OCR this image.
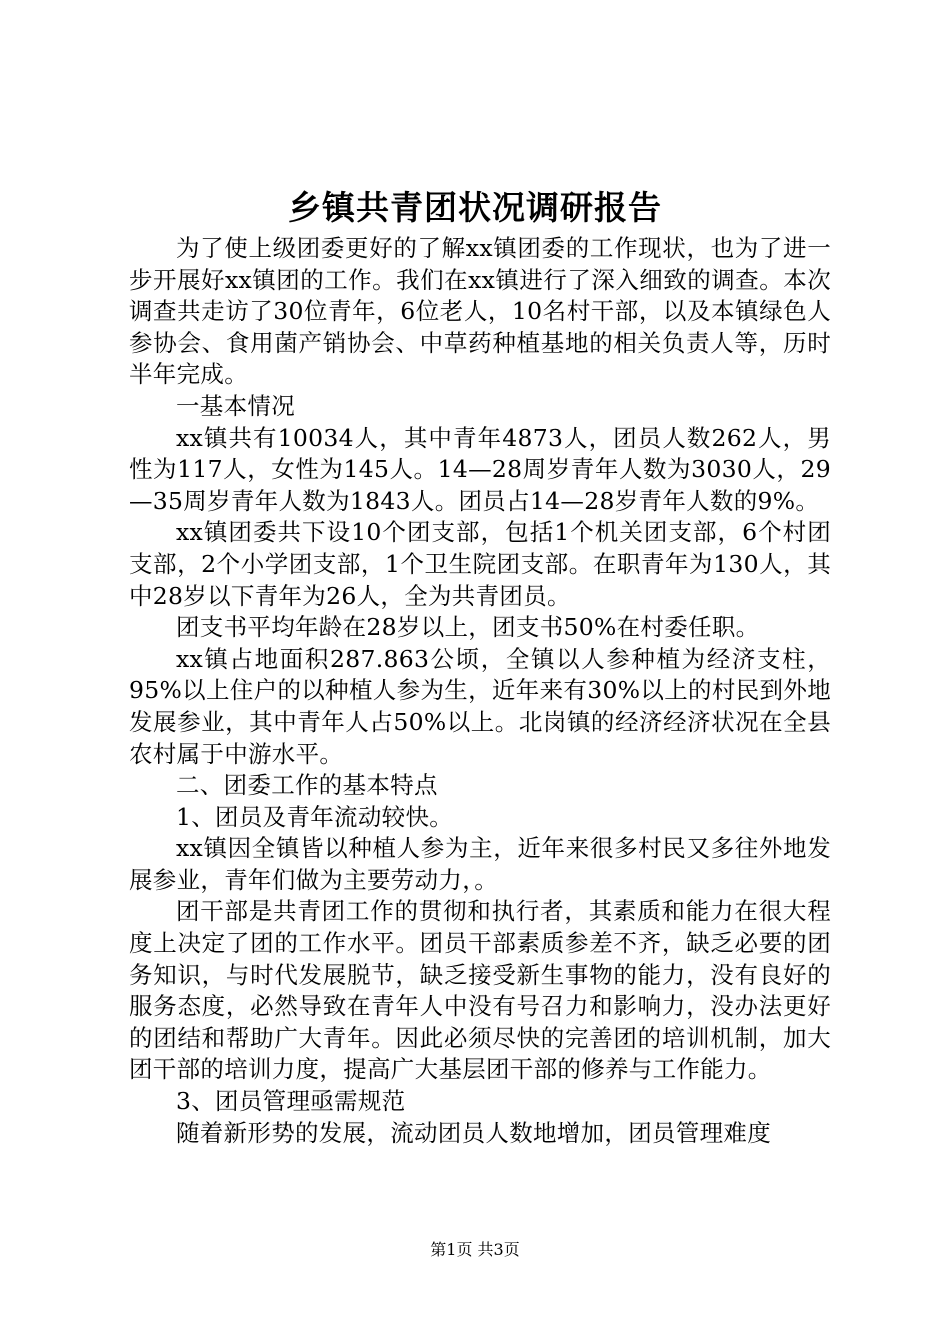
乡镇共青团状况调研报告

为了使上级团委更好的了解xx镇团委的工作现状，也为了进一步开展好xx镇团的工作。我们在xx镇进行了深入细致的调查。本次调查共走访了30位青年，6位老人，10名村干部，以及本镇绿色人参协会、食用菌产销协会、中草药种植基地的相关负责人等，历时半年完成。

一基本情况

xx镇共有10034人，其中青年4873人，团员人数262人，男性为117人，女性为145人。14—28周岁青年人数为3030人，29—35周岁青年人数为1843人。团员占14—28岁青年人数的9%。

xx镇团委共下设10个团支部，包括1个机关团支部，6个村团支部，2个小学团支部，1个卫生院团支部。在职青年为130人，其中28岁以下青年为26人，全为共青团员。

团支书平均年龄在28岁以上，团支书50%在村委任职。

xx镇占地面积287.863公顷，全镇以人参种植为经济支柱，95%以上住户的以种植人参为生，近年来有30%以上的村民到外地发展参业，其中青年人占50%以上。北岗镇的经济经济状况在全县农村属于中游水平。

二、团委工作的基本特点

1、团员及青年流动较快。

xx镇因全镇皆以种植人参为主，近年来很多村民又多往外地发展参业，青年们做为主要劳动力，。

团干部是共青团工作的贯彻和执行者，其素质和能力在很大程度上决定了团的工作水平。团员干部素质参差不齐，缺乏必要的团务知识，与时代发展脱节，缺乏接受新生事物的能力，没有良好的服务态度，必然导致在青年人中没有号召力和影响力，没办法更好的团结和帮助广大青年。因此必须尽快的完善团的培训机制，加大团干部的培训力度，提高广大基层团干部的修养与工作能力。

3、团员管理亟需规范

随着新形势的发展，流动团员人数地增加，团员管理难度

第1页 共3页
